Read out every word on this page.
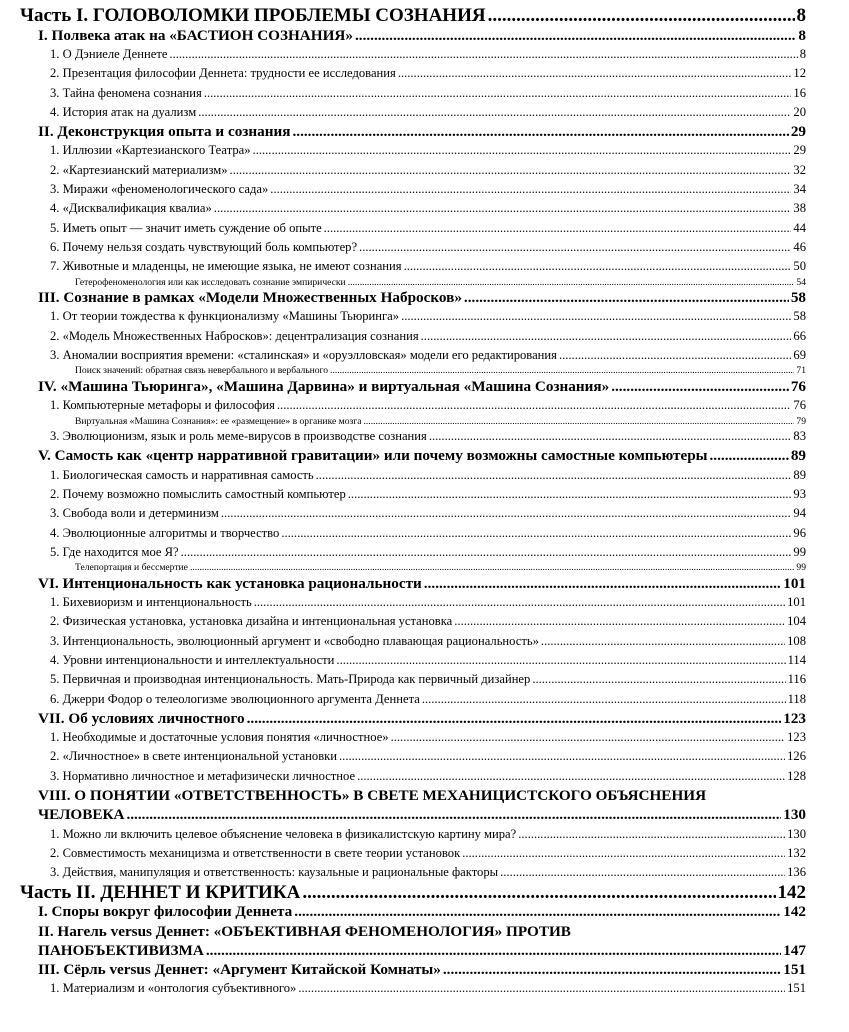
Часть I. ГОЛОВОЛОМКИ ПРОБЛЕМЫ СОЗНАНИЯ .....	8
I. Полвека атак на «БАСТИОН СОЗНАНИЯ» .....	8
1. О Дэниеле Деннете .....	8
2. Презентация философии Деннета: трудности ее исследования .....	12
3. Тайна феномена сознания .....	16
4. История атак на дуализм .....	20
II. Деконструкция опыта и сознания .....	29
1. Иллюзии «Картезианского Театра» .....	29
2. «Картезианский материализм» .....	32
3. Миражи «феноменологического сада» .....	34
4. «Дисквалификация квалиа» .....	38
5. Иметь опыт — значит иметь суждение об опыте .....	44
6. Почему нельзя создать чувствующий боль компьютер? .....	46
7. Животные и младенцы, не имеющие языка, не имеют сознания .....	50
Гетерофеноменология или как исследовать сознание эмпирически .....	54
III. Сознание в рамках «Модели Множественных Набросков» .....	58
1. От теории тождества к функционализму «Машины Тьюринга» .....	58
2. «Модель Множественных Набросков»: децентрализация сознания .....	66
3. Аномалии восприятия времени: «сталинская» и «оруэлловская» модели его редактирования .....	69
Поиск значений: обратная связь невербального и вербального .....	71
IV. «Машина Тьюринга», «Машина Дарвина» и виртуальная «Машина Сознания» .....	76
1. Компьютерные метафоры и философия .....	76
Виртуальная «Машина Сознания»: ее «размещение» в органике мозга .....	79
3. Эволюционизм, язык и роль меме-вирусов в производстве сознания .....	83
V. Самость как «центр нарративной гравитации» или почему возможны самостные компьютеры .....	89
1. Биологическая самость и нарративная самость .....	89
2. Почему возможно помыслить самостный компьютер .....	93
3. Свобода воли и детерминизм .....	94
4. Эволюционные алгоритмы и творчество .....	96
5. Где находится мое Я? .....	99
Телепортация и бессмертие .....	99
VI. Интенциональность как установка рациональности .....	101
1. Бихевиоризм и интенциональность .....	101
2. Физическая установка, установка дизайна и интенциональная установка .....	104
3. Интенциональность, эволюционный аргумент и «свободно плавающая рациональность» .....	108
4. Уровни интенциональности и интеллектуальности .....	114
5. Первичная и производная интенциональность. Мать-Природа как первичный дизайнер .....	116
6. Джерри Фодор о телеологизме эволюционного аргумента Деннета .....	118
VII. Об условиях личностного .....	123
1. Необходимые и достаточные условия понятия «личностное» .....	123
2. «Личностное» в свете интенциональной установки .....	126
3. Нормативно личностное и метафизически личностное .....	128
VIII. О ПОНЯТИИ «ОТВЕТСТВЕННОСТЬ» В СВЕТЕ МЕХАНИЦИСТСКОГО ОБЪЯСНЕНИЯ
ЧЕЛОВЕКА .....	130
1. Можно ли включить целевое объяснение человека в физикалистскую картину мира? .....	130
2. Совместимость механицизма и ответственности в свете теории установок .....	132
3. Действия, манипуляция и ответственность: каузальные и рациональные факторы .....	136
Часть II. ДЕННЕТ И КРИТИКА .....	142
I. Споры вокруг философии Деннета .....	142
II. Нагель versus Деннет: «ОБЪЕКТИВНАЯ ФЕНОМЕНОЛОГИЯ» ПРОТИВ
ПАНОБЪЕКТИВИЗМА .....	147
III. Сёрль versus Деннет: «Аргумент Китайской Комнаты» .....	151
1. Материализм и «онтология субъективного» .....	151
